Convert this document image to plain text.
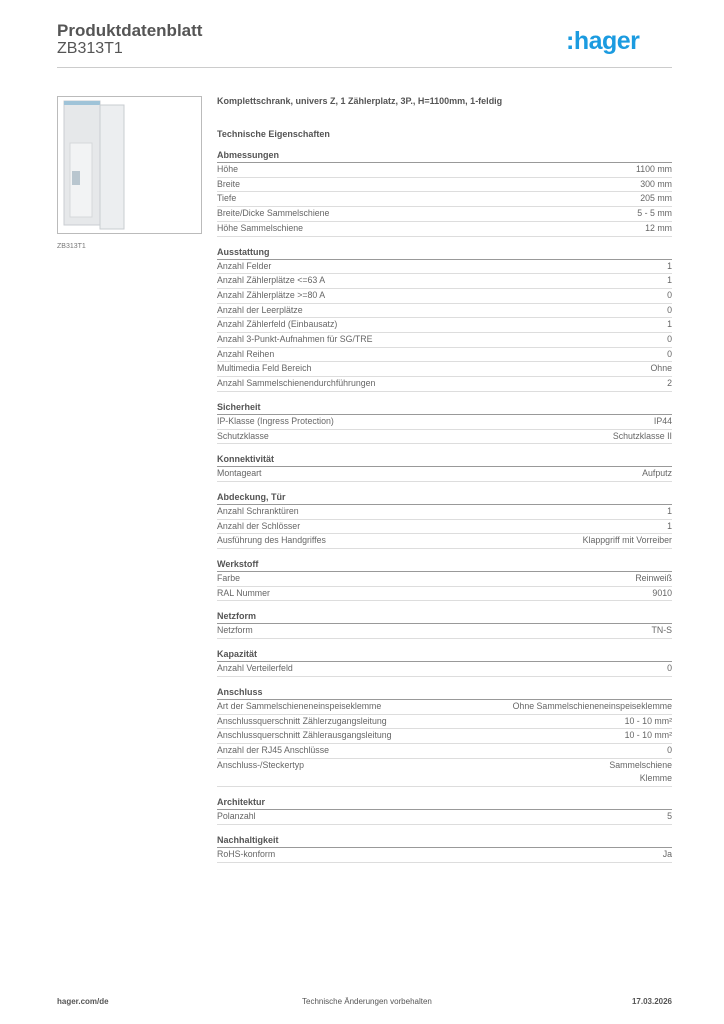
Produktdatenblatt
ZB313T1	:hager
ZB313T1
Komplettschrank, univers Z, 1 Zählerplatz, 3P., H=1100mm, 1-feldig
Technische Eigenschaften
Abmessungen
Höhe	1100 mm
Breite	300 mm
Tiefe	205 mm
Breite/Dicke Sammelschiene	5 - 5 mm
Höhe Sammelschiene	12 mm
Ausstattung
Anzahl Felder	1
Anzahl Zählerplätze <=63 A	1
Anzahl Zählerplätze >=80 A	0
Anzahl der Leerplätze	0
Anzahl Zählerfeld (Einbausatz)	1
Anzahl 3-Punkt-Aufnahmen für SG/TRE	0
Anzahl Reihen	0
Multimedia Feld Bereich	Ohne
Anzahl Sammelschienendurchführungen	2
Sicherheit
IP-Klasse (Ingress Protection)	IP44
Schutzklasse	Schutzklasse II
Konnektivität
Montageart	Aufputz
Abdeckung, Tür
Anzahl Schranktüren	1
Anzahl der Schlösser	1
Ausführung des Handgriffes	Klappgriff mit Vorreiber
Werkstoff
Farbe	Reinweiß
RAL Nummer	9010
Netzform
Netzform	TN-S
Kapazität
Anzahl Verteilerfeld	0
Anschluss
Art der Sammelschieneneinspeiseklemme	Ohne Sammelschieneneinspeiseklemme
Anschlussquerschnitt Zählerzugangsleitung	10 - 10 mm²
Anschlussquerschnitt Zählerausgangsleitung	10 - 10 mm²
Anzahl der RJ45 Anschlüsse	0
Anschluss-/Steckertyp	Sammelschiene
Klemme
Architektur
Polanzahl	5
Nachhaltigkeit
RoHS-konform	Ja
hager.com/de	Technische Änderungen vorbehalten	17.03.2026
